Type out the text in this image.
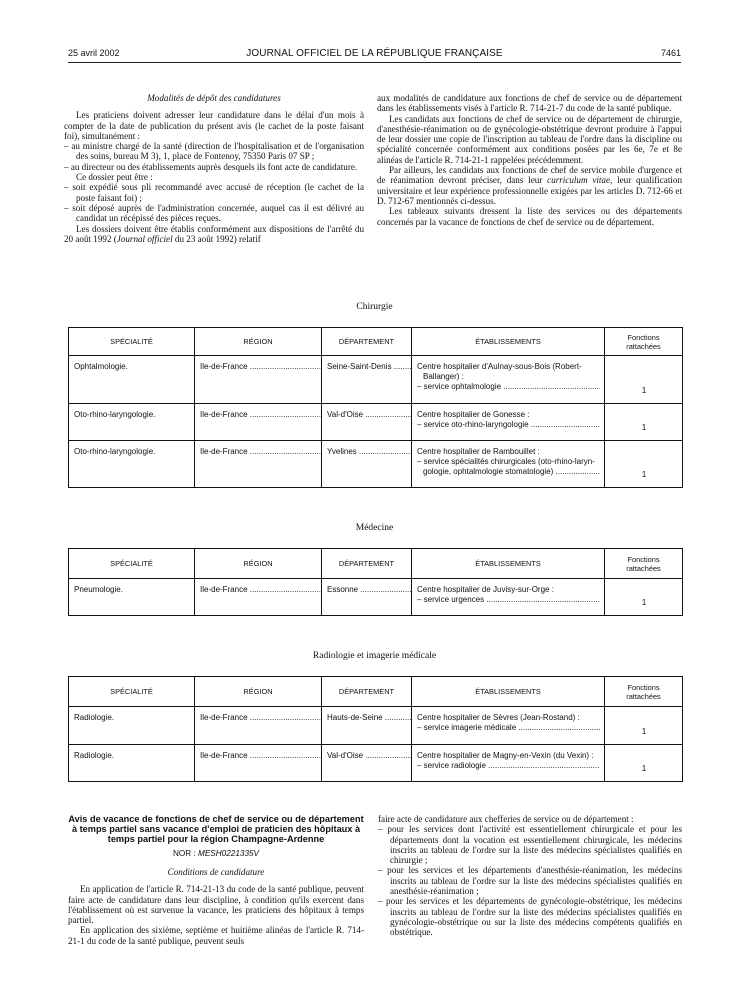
25 avril 2002	JOURNAL OFFICIEL DE LA RÉPUBLIQUE FRANÇAISE	7461

Modalités de dépôt des candidatures

Les praticiens doivent adresser leur candidature dans le délai d'un mois à compter de la date de publication du présent avis (le cachet de la poste faisant foi), simultanément :

– au ministre chargé de la santé (direction de l'hospitalisation et de l'organisation des soins, bureau M 3), 1, place de Fontenoy, 75350 Paris 07 SP ;
– au directeur ou des établissements auprès desquels ils font acte de candidature.

Ce dossier peut être :

– soit expédié sous pli recommandé avec accusé de réception (le cachet de la poste faisant foi) ;
– soit déposé auprès de l'administration concernée, auquel cas il est délivré au candidat un récépissé des pièces reçues.

Les dossiers doivent être établis conformément aux dispositions de l'arrêté du 20 août 1992 (Journal officiel du 23 août 1992) relatif

aux modalités de candidature aux fonctions de chef de service ou de département dans les établissements visés à l'article R. 714-21-7 du code de la santé publique.

Les candidats aux fonctions de chef de service ou de département de chirurgie, d'anesthésie-réanimation ou de gynécologie-obstétrique devront produire à l'appui de leur dossier une copie de l'inscription au tableau de l'ordre dans la discipline ou spécialité concernée conformément aux conditions posées par les 6e, 7e et 8e alinéas de l'article R. 714-21-1 rappelées précédemment.

Par ailleurs, les candidats aux fonctions de chef de service mobile d'urgence et de réanimation devront préciser, dans leur curriculum vitae, leur qualification universitaire et leur expérience professionnelle exigées par les articles D. 712-66 et D. 712-67 mentionnés ci-dessus.

Les tableaux suivants dressent la liste des services ou des départements concernés par la vacance de fonctions de chef de service ou de département.

Chirurgie
SPÉCIALITÉ	RÉGION	DÉPARTEMENT	ÉTABLISSEMENTS	Fonctions
rattachées

Ophtalmologie.	Ile-de-France .....	Seine-Saint-Denis .....	Centre hospitalier d'Aulnay-sous-Bois (Robert-
Ballanger) :
– service ophtalmologie .....	1

Oto-rhino-laryngologie.	Ile-de-France .....	Val-d'Oise .....	Centre hospitalier de Gonesse :
– service oto-rhino-laryngologie .....	1

Oto-rhino-laryngologie.	Ile-de-France .....	Yvelines .....	Centre hospitalier de Rambouillet :
– service spécialités chirurgicales (oto-rhino-laryn-
gologie, ophtalmologie stomatologie) .....	1
Médecine
SPÉCIALITÉ	RÉGION	DÉPARTEMENT	ÉTABLISSEMENTS	Fonctions
rattachées

Pneumologie.	Ile-de-France .....	Essonne .....	Centre hospitalier de Juvisy-sur-Orge :
– service urgences .....	1
Radiologie et imagerie médicale
SPÉCIALITÉ	RÉGION	DÉPARTEMENT	ÉTABLISSEMENTS	Fonctions
rattachées

Radiologie.	Ile-de-France .....	Hauts-de-Seine .....	Centre hospitalier de Sèvres (Jean-Rostand) :
– service imagerie médicale .....	1

Radiologie.	Ile-de-France .....	Val-d'Oise .....	Centre hospitalier de Magny-en-Vexin (du Vexin) :
– service radiologie .....	1
Avis de vacance de fonctions de chef de service ou de département à temps partiel sans vacance d'emploi de praticien des hôpitaux à temps partiel pour la région Champagne-Ardenne
NOR : MESH0221335V

Conditions de candidature

En application de l'article R. 714-21-13 du code de la santé publique, peuvent faire acte de candidature dans leur discipline, à condition qu'ils exercent dans l'établissement où est survenue la vacance, les praticiens des hôpitaux à temps partiel.

En application des sixième, septième et huitième alinéas de l'article R. 714-21-1 du code de la santé publique, peuvent seuls

faire acte de candidature aux chefferies de service ou de département :

– pour les services dont l'activité est essentiellement chirurgicale et pour les départements dont la vocation est essentiellement chirurgicale, les médecins inscrits au tableau de l'ordre sur la liste des médecins spécialistes qualifiés en chirurgie ;
– pour les services et les départements d'anesthésie-réanimation, les médecins inscrits au tableau de l'ordre sur la liste des médecins spécialistes qualifiés en anesthésie-réanimation ;
– pour les services et les départements de gynécologie-obstétrique, les médecins inscrits au tableau de l'ordre sur la liste des médecins spécialistes qualifiés en gynécologie-obstétrique ou sur la liste des médecins compétents qualifiés en obstétrique.
